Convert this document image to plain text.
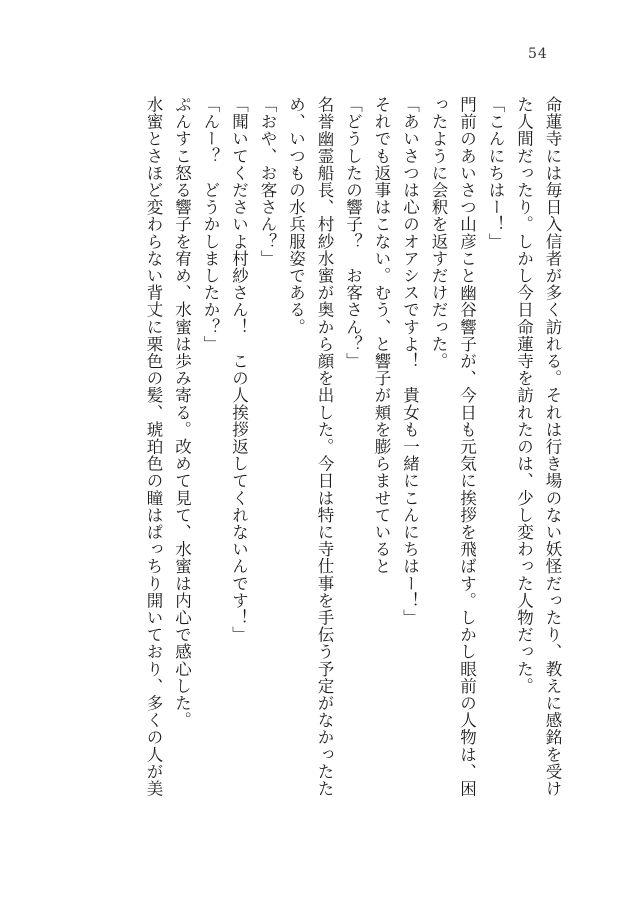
54

命蓮寺には毎日入信者が多く訪れる。それは行き場のない妖怪だったり、教えに感銘を受け

た人間だったり。しかし今日命蓮寺を訪れたのは、少し変わった人物だった。

「こんにちはー！」

門前のあいさつ山彦こと幽谷響子が、今日も元気に挨拶を飛ばす。しかし眼前の人物は、困

ったように会釈を返すだけだった。

「あいさつは心のオアシスですよ！　貴女も一緒にこんにちはー！」

それでも返事はこない。むう、と響子が頬を膨らませていると

「どうしたの響子？　お客さん？」

名誉幽霊船長、村紗水蜜が奥から顔を出した。今日は特に寺仕事を手伝う予定がなかったた

め、いつもの水兵服姿である。

「おや、お客さん？」

「聞いてくださいよ村紗さん！　この人挨拶返してくれないんです！」

「んー？　どうかしましたか？」

ぷんすこ怒る響子を宥め、水蜜は歩み寄る。改めて見て、水蜜は内心で感心した。

水蜜とさほど変わらない背丈に栗色の髪、琥珀色の瞳はぱっちり開いており、多くの人が美
